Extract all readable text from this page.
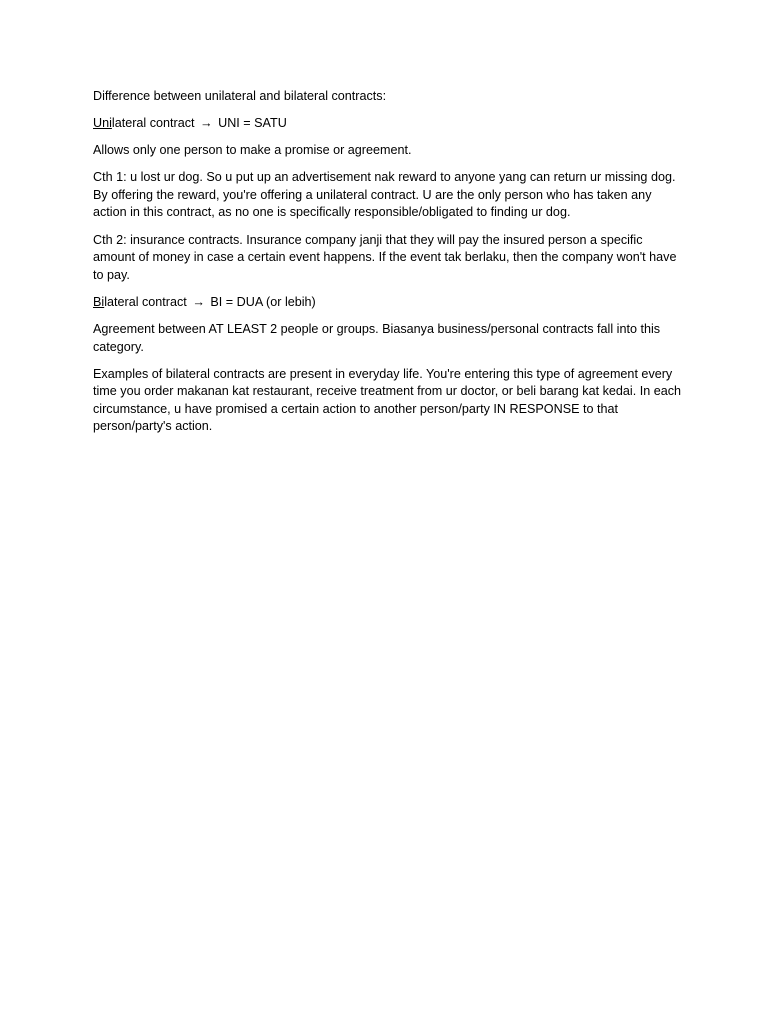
Difference between unilateral and bilateral contracts:

Unilateral contract → UNI = SATU

Allows only one person to make a promise or agreement.

Cth 1: u lost ur dog. So u put up an advertisement nak reward to anyone yang can return ur missing dog. By offering the reward, you're offering a unilateral contract. U are the only person who has taken any action in this contract, as no one is specifically responsible/obligated to finding ur dog.

Cth 2: insurance contracts. Insurance company janji that they will pay the insured person a specific amount of money in case a certain event happens. If the event tak berlaku, then the company won't have to pay.

Bilateral contract → BI = DUA (or lebih)

Agreement between AT LEAST 2 people or groups. Biasanya business/personal contracts fall into this category.

Examples of bilateral contracts are present in everyday life. You're entering this type of agreement every time you order makanan kat restaurant, receive treatment from ur doctor, or beli barang kat kedai. In each circumstance, u have promised a certain action to another person/party IN RESPONSE to that person/party's action.
